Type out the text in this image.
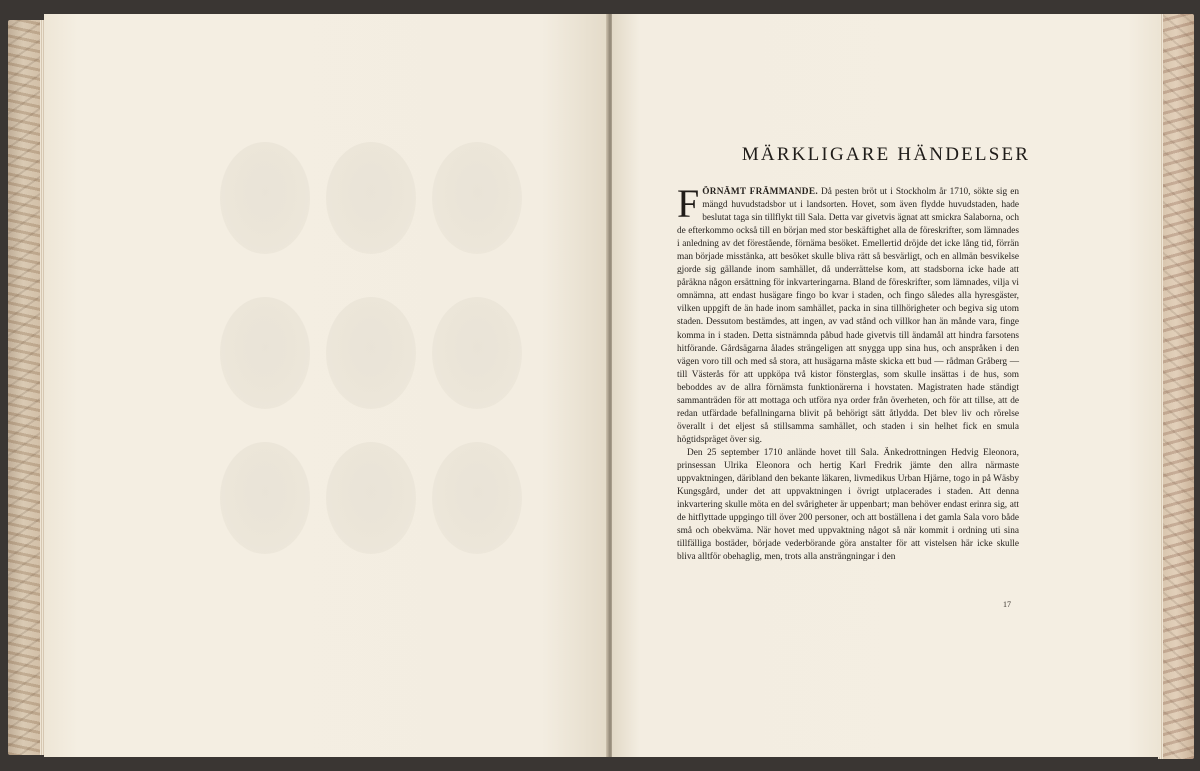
MÄRKLIGARE HÄNDELSER

FÖRNÄMT FRÄMMANDE. Då pesten bröt ut i Stockholm år 1710, sökte sig en mängd huvudstadsbor ut i landsorten. Hovet, som även flydde huvudstaden, hade beslutat taga sin tillflykt till Sala. Detta var givetvis ägnat att smickra Salaborna, och de efterkommo också till en början med stor beskäftighet alla de föreskrifter, som lämnades i anledning av det förestående, förnäma besöket. Emellertid dröjde det icke lång tid, förrän man började misstänka, att besöket skulle bliva rätt så besvärligt, och en allmän besvikelse gjorde sig gällande inom samhället, då underrättelse kom, att stadsborna icke hade att påräkna någon ersättning för inkvarteringarna. Bland de föreskrifter, som lämnades, vilja vi omnämna, att endast husägare fingo bo kvar i staden, och fingo således alla hyresgäster, vilken uppgift de än hade inom samhället, packa in sina tillhörigheter och begiva sig utom staden. Dessutom bestämdes, att ingen, av vad stånd och villkor han än månde vara, finge komma in i staden. Detta sistnämnda påbud hade givetvis till ändamål att hindra farsotens hitförande. Gårdsägarna ålades strängeligen att snygga upp sina hus, och anspråken i den vägen voro till och med så stora, att husägarna måste skicka ett bud — rådman Gråberg — till Västerås för att uppköpa två kistor fönsterglas, som skulle insättas i de hus, som beboddes av de allra förnämsta funktionärerna i hovstaten. Magistraten hade ständigt sammanträden för att mottaga och utföra nya order från överheten, och för att tillse, att de redan utfärdade befallningarna blivit på behörigt sätt åtlydda. Det blev liv och rörelse överallt i det eljest så stillsamma samhället, och staden i sin helhet fick en smula högtidspräget över sig.

Den 25 september 1710 anlände hovet till Sala. Änkedrottningen Hedvig Eleonora, prinsessan Ulrika Eleonora och hertig Karl Fredrik jämte den allra närmaste uppvaktningen, däribland den bekante läkaren, livmedikus Urban Hjärne, togo in på Wäsby Kungsgård, under det att uppvaktningen i övrigt utplacerades i staden. Att denna inkvartering skulle möta en del svårigheter är uppenbart; man behöver endast erinra sig, att de hitflyttade uppgingo till över 200 personer, och att boställena i det gamla Sala voro både små och obekväma. När hovet med uppvaktning något så när kommit i ordning uti sina tillfälliga bostäder, började vederbörande göra anstalter för att vistelsen här icke skulle bliva alltför obehaglig, men, trots alla ansträngningar i den

17
